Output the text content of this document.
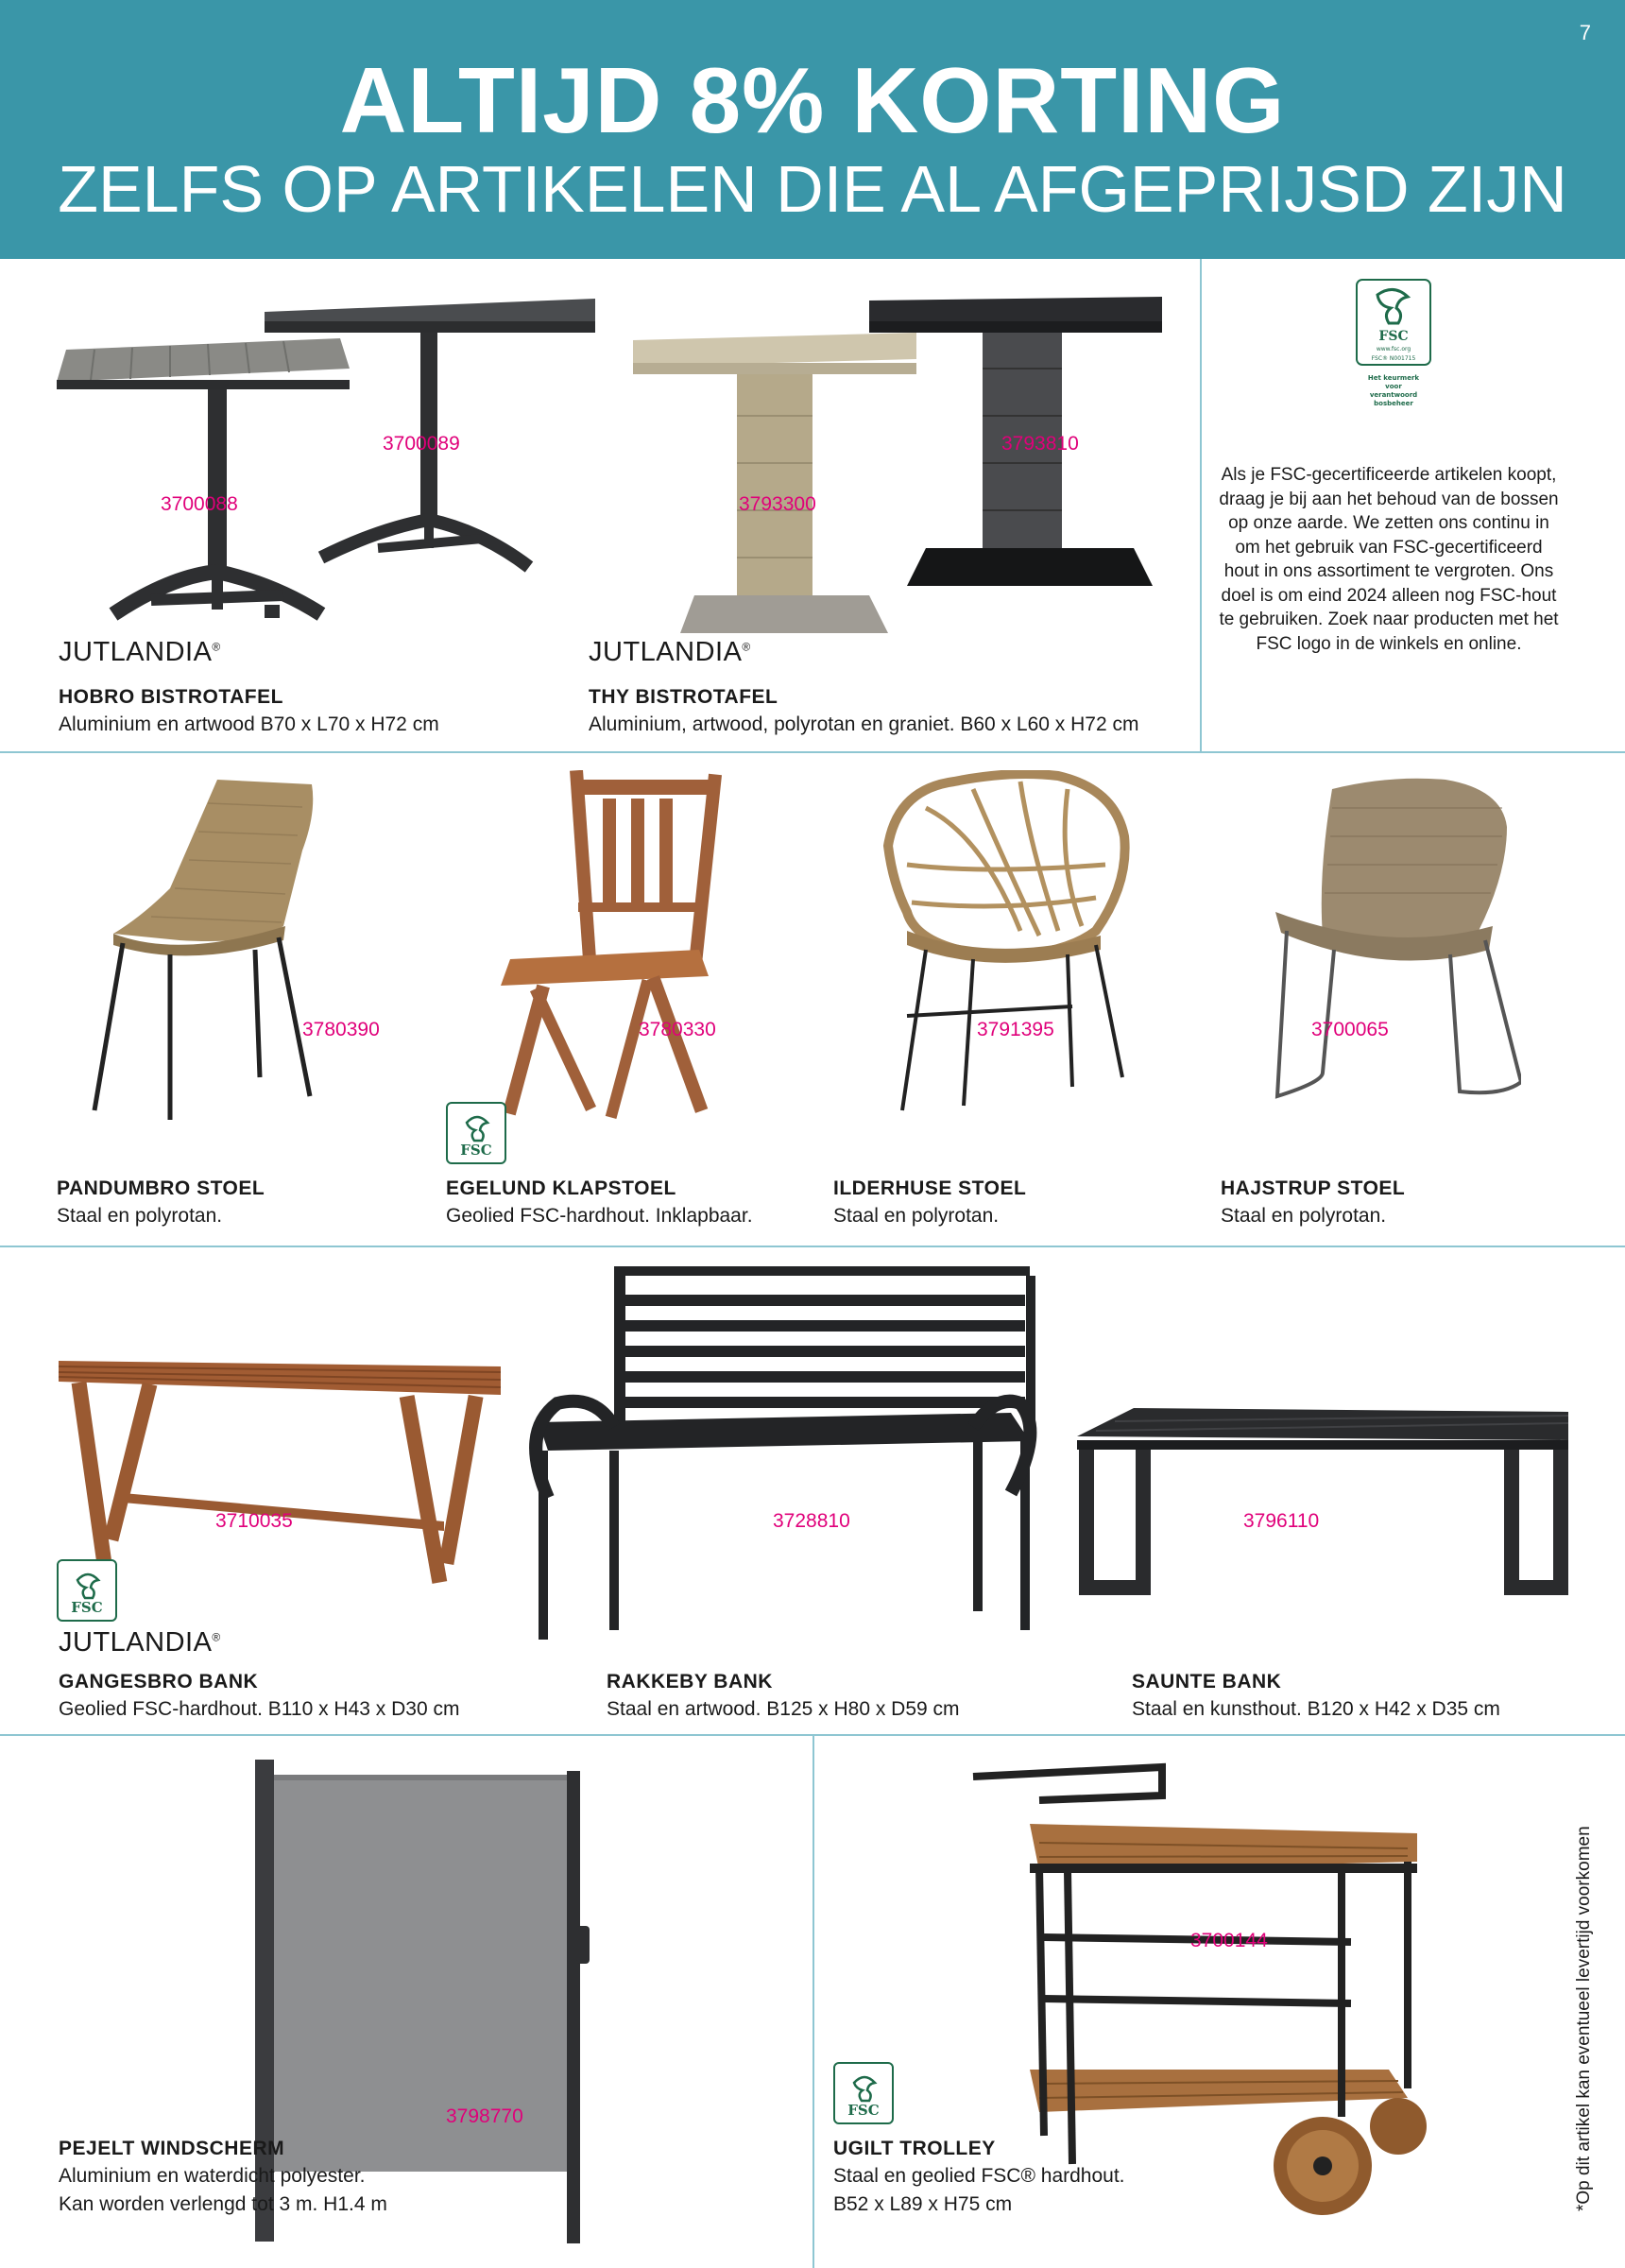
7
ALTIJD 8% KORTING
ZELFS OP ARTIKELEN DIE AL AFGEPRIJSD ZIJN
3700088
3700089
JUTLANDIA®
HOBRO BISTROTAFEL
Aluminium en artwood B70 x L70 x H72 cm
3793300
3793810
JUTLANDIA®
THY BISTROTAFEL
Aluminium, artwood, polyrotan en graniet. B60 x L60 x H72 cm
FSC
www.fsc.org
FSC® N001715
Het keurmerk voor verantwoord bosbeheer
Als je FSC-gecertificeerde artikelen koopt, draag je bij aan het behoud van de bossen op onze aarde. We zetten ons continu in om het gebruik van FSC-gecertificeerd hout in ons assortiment te vergroten. Ons doel is om eind 2024 alleen nog FSC-hout te gebruiken. Zoek naar producten met het FSC logo in de winkels en online.
3780390
PANDUMBRO STOEL
Staal en polyrotan.
FSC
3780330
EGELUND KLAPSTOEL
Geolied FSC-hardhout. Inklapbaar.
3791395
ILDERHUSE STOEL
Staal en polyrotan.
3700065
HAJSTRUP STOEL
Staal en polyrotan.
3710035
FSC
JUTLANDIA®
GANGESBRO BANK
Geolied FSC-hardhout. B110 x H43 x D30 cm
3728810
RAKKEBY BANK
Staal en artwood. B125 x H80 x D59 cm
3796110
SAUNTE BANK
Staal en kunsthout. B120 x H42 x D35 cm
3798770
PEJELT WINDSCHERM
Aluminium en waterdicht polyester.
Kan worden verlengd tot 3 m. H1.4 m
3700144
FSC
UGILT TROLLEY
Staal en geolied FSC® hardhout.
B52 x L89 x H75 cm	*Op dit artikel kan eventueel levertijd voorkomen
